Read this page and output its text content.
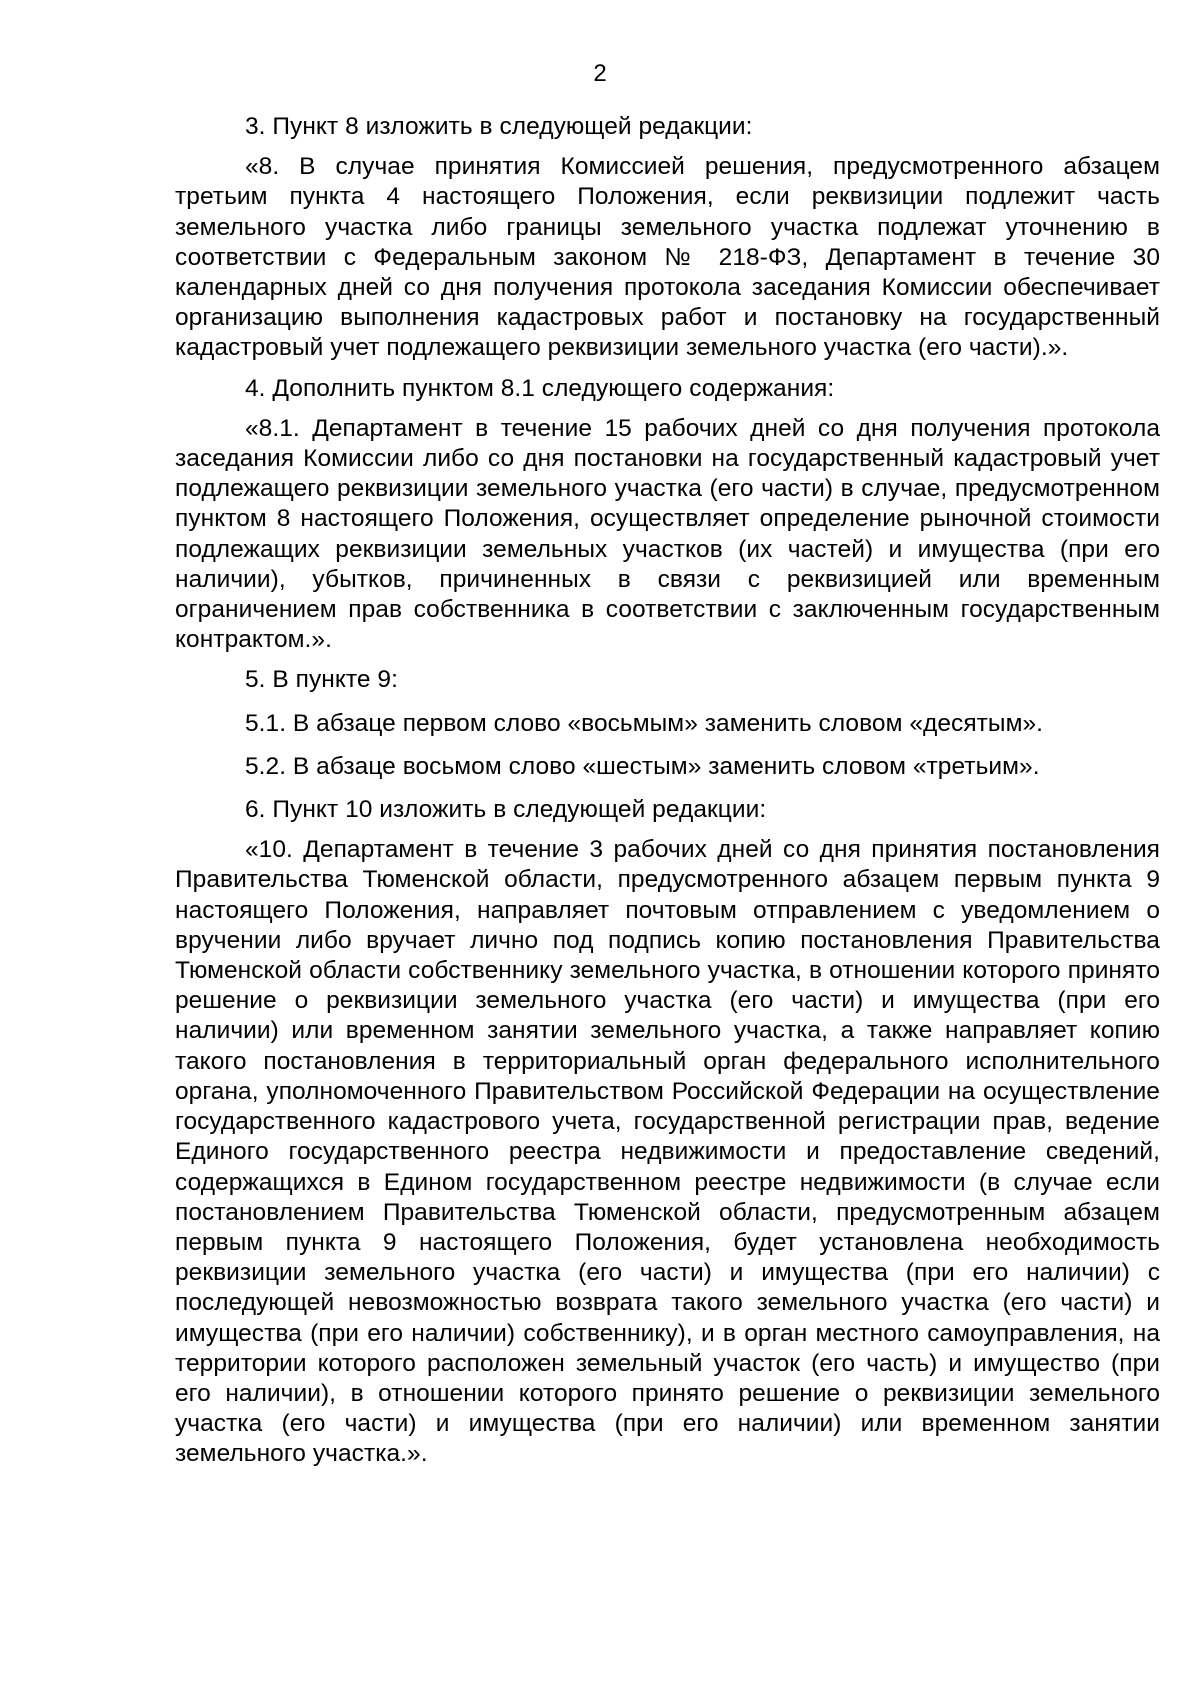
2

3. Пункт 8 изложить в следующей редакции:

«8. В случае принятия Комиссией решения, предусмотренного абзацем третьим пункта 4 настоящего Положения, если реквизиции подлежит часть земельного участка либо границы земельного участка подлежат уточнению в соответствии с Федеральным законом № 218-ФЗ, Департамент в течение 30 календарных дней со дня получения протокола заседания Комиссии обеспечивает организацию выполнения кадастровых работ и постановку на государственный кадастровый учет подлежащего реквизиции земельного участка (его части).».

4. Дополнить пунктом 8.1 следующего содержания:

«8.1. Департамент в течение 15 рабочих дней со дня получения протокола заседания Комиссии либо со дня постановки на государственный кадастровый учет подлежащего реквизиции земельного участка (его части) в случае, предусмотренном пунктом 8 настоящего Положения, осуществляет определение рыночной стоимости подлежащих реквизиции земельных участков (их частей) и имущества (при его наличии), убытков, причиненных в связи с реквизицией или временным ограничением прав собственника в соответствии с заключенным государственным контрактом.».

5. В пункте 9:

5.1. В абзаце первом слово «восьмым» заменить словом «десятым».

5.2. В абзаце восьмом слово «шестым» заменить словом «третьим».

6. Пункт 10 изложить в следующей редакции:

«10. Департамент в течение 3 рабочих дней со дня принятия постановления Правительства Тюменской области, предусмотренного абзацем первым пункта 9 настоящего Положения, направляет почтовым отправлением с уведомлением о вручении либо вручает лично под подпись копию постановления Правительства Тюменской области собственнику земельного участка, в отношении которого принято решение о реквизиции земельного участка (его части) и имущества (при его наличии) или временном занятии земельного участка, а также направляет копию такого постановления в территориальный орган федерального исполнительного органа, уполномоченного Правительством Российской Федерации на осуществление государственного кадастрового учета, государственной регистрации прав, ведение Единого государственного реестра недвижимости и предоставление сведений, содержащихся в Едином государственном реестре недвижимости (в случае если постановлением Правительства Тюменской области, предусмотренным абзацем первым пункта 9 настоящего Положения, будет установлена необходимость реквизиции земельного участка (его части) и имущества (при его наличии) с последующей невозможностью возврата такого земельного участка (его части) и имущества (при его наличии) собственнику), и в орган местного самоуправления, на территории которого расположен земельный участок (его часть) и имущество (при его наличии), в отношении которого принято решение о реквизиции земельного участка (его части) и имущества (при его наличии) или временном занятии земельного участка.».
